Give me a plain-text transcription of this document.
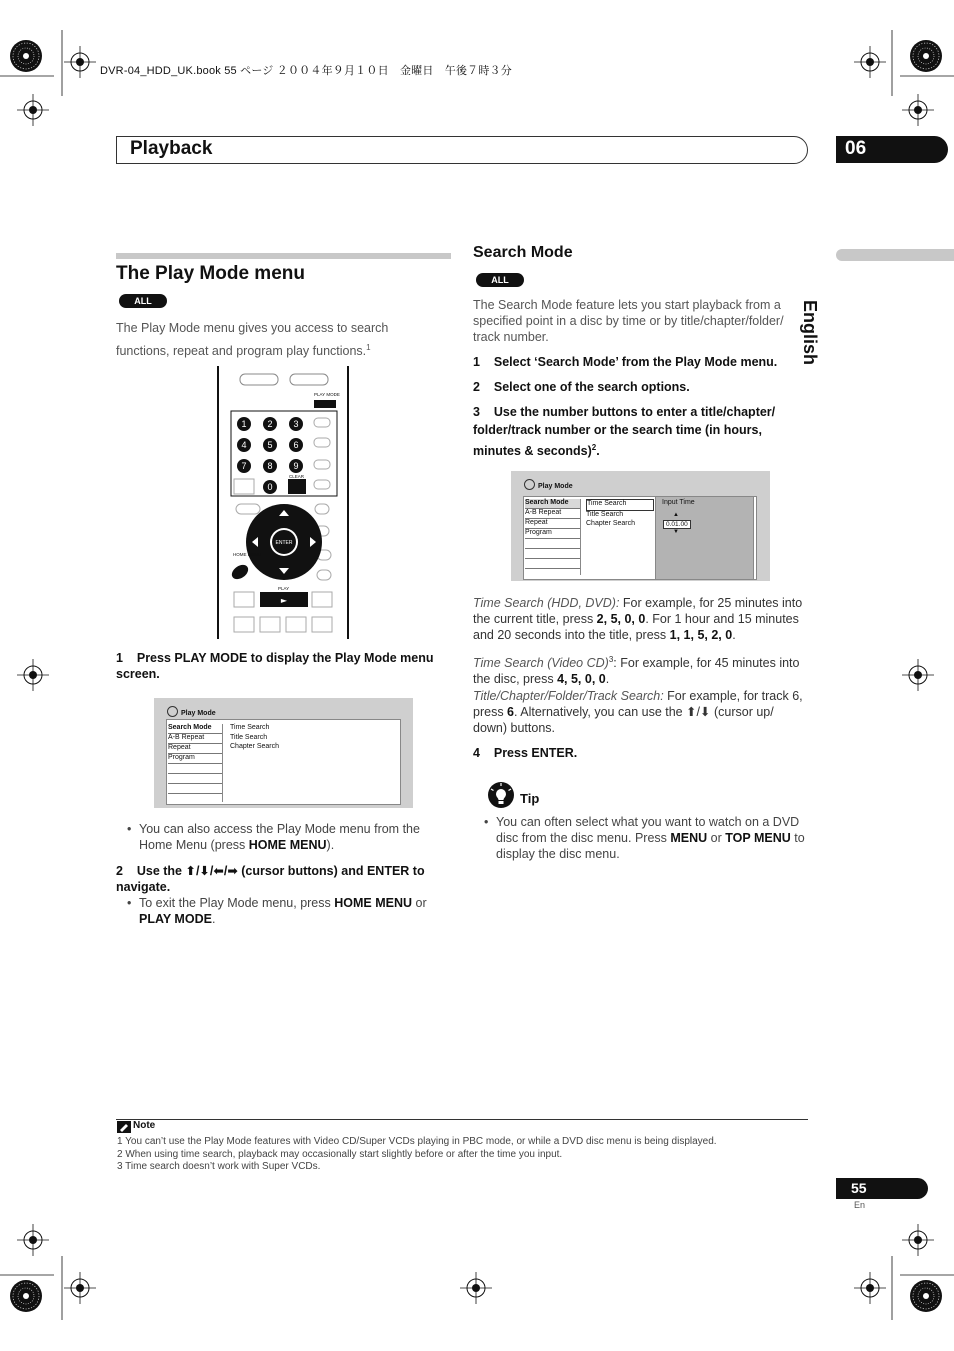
DVR-04_HDD_UK.book 55 ページ ２００４年９月１０日　金曜日　午後７時３分
Playback	06
English
The Play Mode menu
ALL
The Play Mode menu gives you access to search functions, repeat and program play functions.$^1$
1 2 3
4 5 6
7 8 9
0
PLAY MODE
CLEAR
HOME MENU
PLAY
ENTER
►
1 Press PLAY MODE to display the Play Mode menu screen.
Play Mode
Search Mode
A-B Repeat
Repeat
Program
Time Search
Title Search
Chapter Search
• You can also access the Play Mode menu from the Home Menu (press HOME MENU).
2 Use the ⬆/⬇/⬅/➡ (cursor buttons) and ENTER to navigate.
• To exit the Play Mode menu, press HOME MENU or PLAY MODE.
Search Mode
ALL
The Search Mode feature lets you start playback from a specified point in a disc by time or by title/chapter/folder/ track number.
1 Select ‘Search Mode’ from the Play Mode menu.
2 Select one of the search options.
3 Use the number buttons to enter a title/chapter/ folder/track number or the search time (in hours, minutes & seconds)$^2$.
Play Mode
Search Mode
A-B Repeat
Repeat
Program
Time Search
Title Search
Chapter Search
Input Time
▲
0.01.00
▼
Time Search (HDD, DVD): For example, for 25 minutes into the current title, press 2, 5, 0, 0. For 1 hour and 15 minutes and 20 seconds into the title, press 1, 1, 5, 2, 0.
Time Search (Video CD)$^3$: For example, for 45 minutes into the disc, press 4, 5, 0, 0.
Title/Chapter/Folder/Track Search: For example, for track 6, press 6. Alternatively, you can use the ⬆/⬇ (cursor up/ down) buttons.
4 Press ENTER.
Tip
• You can often select what you want to watch on a DVD disc from the disc menu. Press MENU or TOP MENU to display the disc menu.
Note
1 You can’t use the Play Mode features with Video CD/Super VCDs playing in PBC mode, or while a DVD disc menu is being displayed.
2 When using time search, playback may occasionally start slightly before or after the time you input.
3 Time search doesn’t work with Super VCDs.
55
En
